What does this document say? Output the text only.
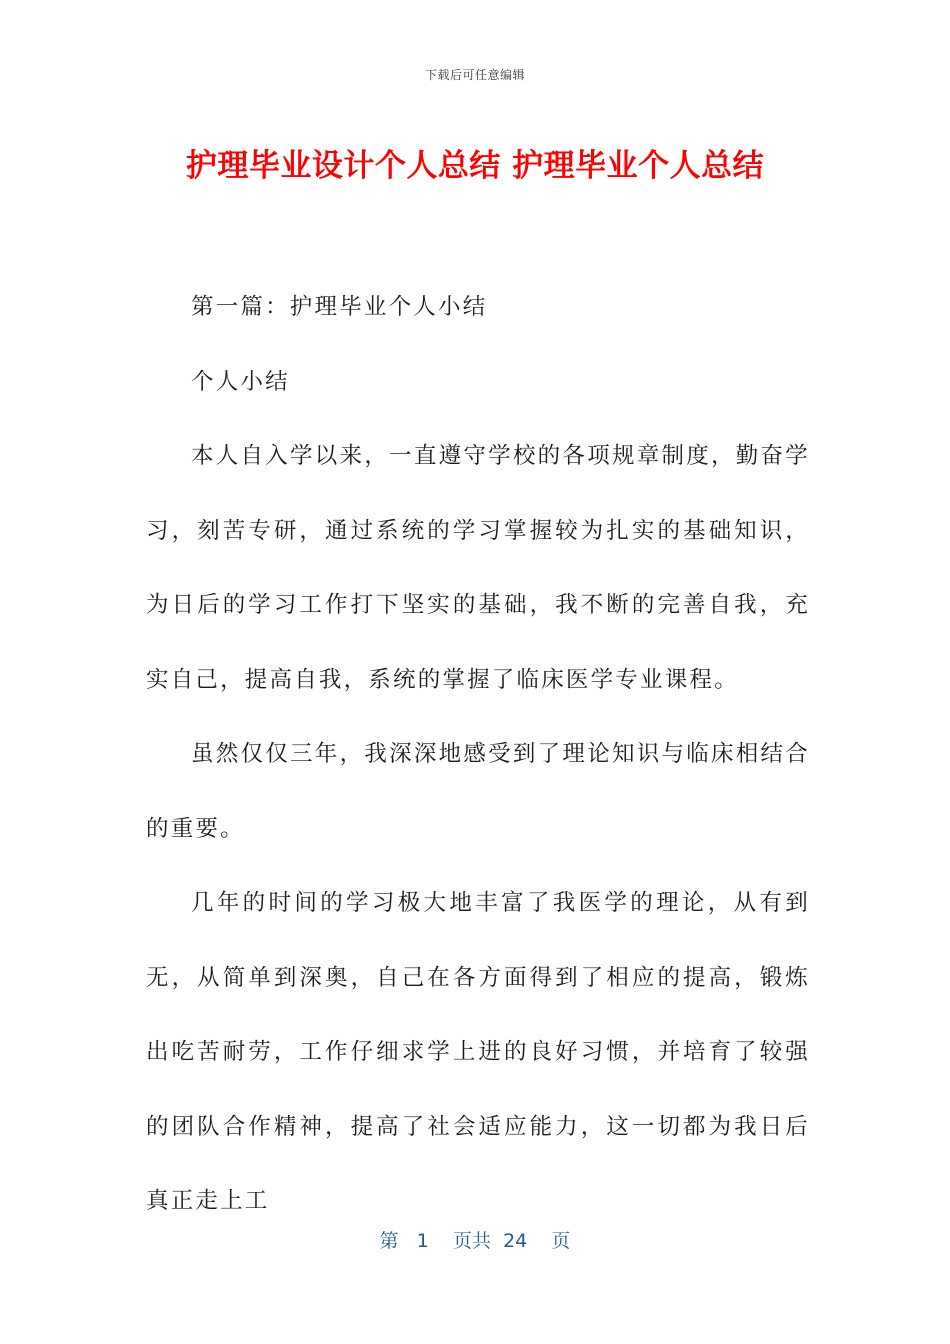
下载后可任意编辑
护理毕业设计个人总结 护理毕业个人总结

第一篇：护理毕业个人小结

个人小结

本人自入学以来，一直遵守学校的各项规章制度，勤奋学习，刻苦专研，通过系统的学习掌握较为扎实的基础知识，为日后的学习工作打下坚实的基础，我不断的完善自我，充实自己，提高自我，系统的掌握了临床医学专业课程。

虽然仅仅三年，我深深地感受到了理论知识与临床相结合的重要。

几年的时间的学习极大地丰富了我医学的理论，从有到无，从简单到深奥，自己在各方面得到了相应的提高，锻炼出吃苦耐劳，工作仔细求学上进的良好习惯，并培育了较强的团队合作精神，提高了社会适应能力，这一切都为我日后真正走上工

第 1 页共 24 页
